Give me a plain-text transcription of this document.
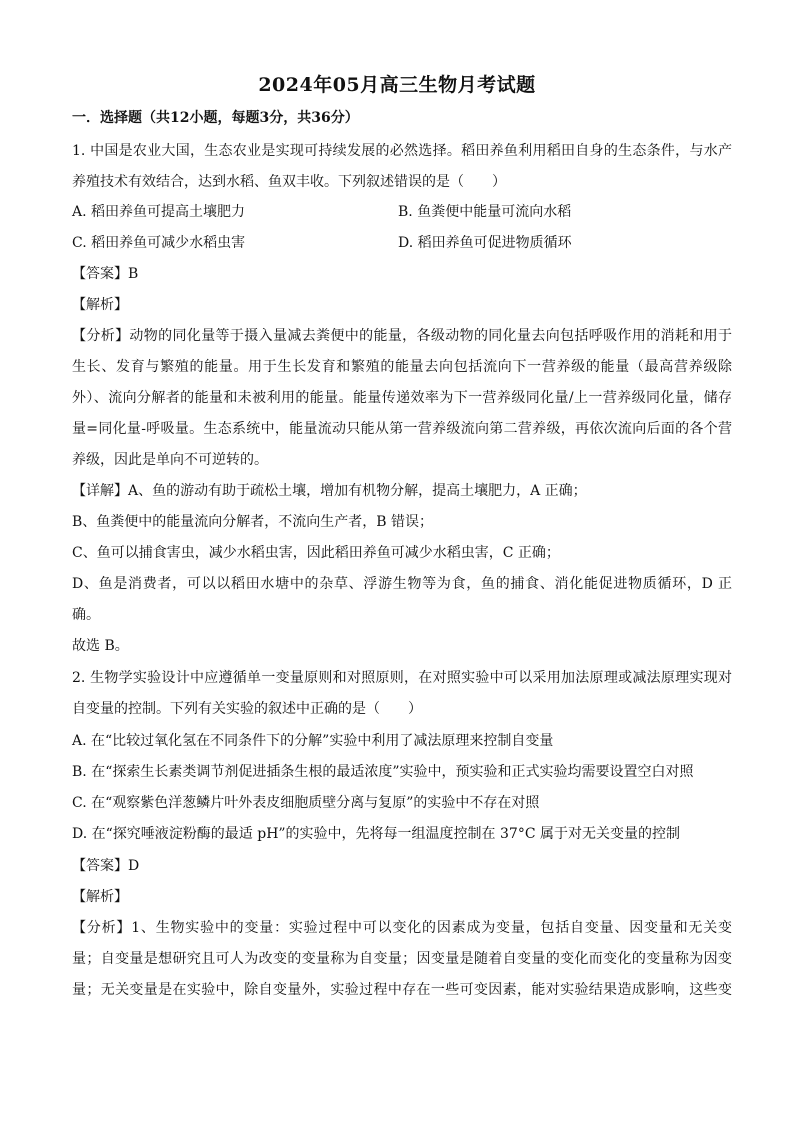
2024年05月高三生物月考试题
一．选择题（共12小题，每题3分，共36分）
1. 中国是农业大国，生态农业是实现可持续发展的必然选择。稻田养鱼利用稻田自身的生态条件，与水产
养殖技术有效结合，达到水稻、鱼双丰收。下列叙述错误的是（　　）
A. 稻田养鱼可提高土壤肥力	B. 鱼粪便中能量可流向水稻
C. 稻田养鱼可减少水稻虫害	D. 稻田养鱼可促进物质循环
【答案】B
【解析】
【分析】动物的同化量等于摄入量减去粪便中的能量，各级动物的同化量去向包括呼吸作用的消耗和用于
生长、发育与繁殖的能量。用于生长发育和繁殖的能量去向包括流向下一营养级的能量（最高营养级除
外）、流向分解者的能量和未被利用的能量。能量传递效率为下一营养级同化量/上一营养级同化量，储存
量=同化量-呼吸量。生态系统中，能量流动只能从第一营养级流向第二营养级，再依次流向后面的各个营
养级，因此是单向不可逆转的。
【详解】A、鱼的游动有助于疏松土壤，增加有机物分解，提高土壤肥力，A 正确；
B、鱼粪便中的能量流向分解者，不流向生产者，B 错误；
C、鱼可以捕食害虫，减少水稻虫害，因此稻田养鱼可减少水稻虫害，C 正确；
D、鱼是消费者，可以以稻田水塘中的杂草、浮游生物等为食，鱼的捕食、消化能促进物质循环，D 正
确。
故选 B。
2. 生物学实验设计中应遵循单一变量原则和对照原则，在对照实验中可以采用加法原理或减法原理实现对
自变量的控制。下列有关实验的叙述中正确的是（　　）
A. 在“比较过氧化氢在不同条件下的分解”实验中利用了减法原理来控制自变量
B. 在“探索生长素类调节剂促进插条生根的最适浓度”实验中，预实验和正式实验均需要设置空白对照
C. 在“观察紫色洋葱鳞片叶外表皮细胞质壁分离与复原”的实验中不存在对照
D. 在“探究唾液淀粉酶的最适 pH”的实验中，先将每一组温度控制在 37°C 属于对无关变量的控制
【答案】D
【解析】
【分析】1、生物实验中的变量：实验过程中可以变化的因素成为变量，包括自变量、因变量和无关变
量；自变量是想研究且可人为改变的变量称为自变量；因变量是随着自变量的变化而变化的变量称为因变
量；无关变量是在实验中，除自变量外，实验过程中存在一些可变因素，能对实验结果造成影响，这些变
